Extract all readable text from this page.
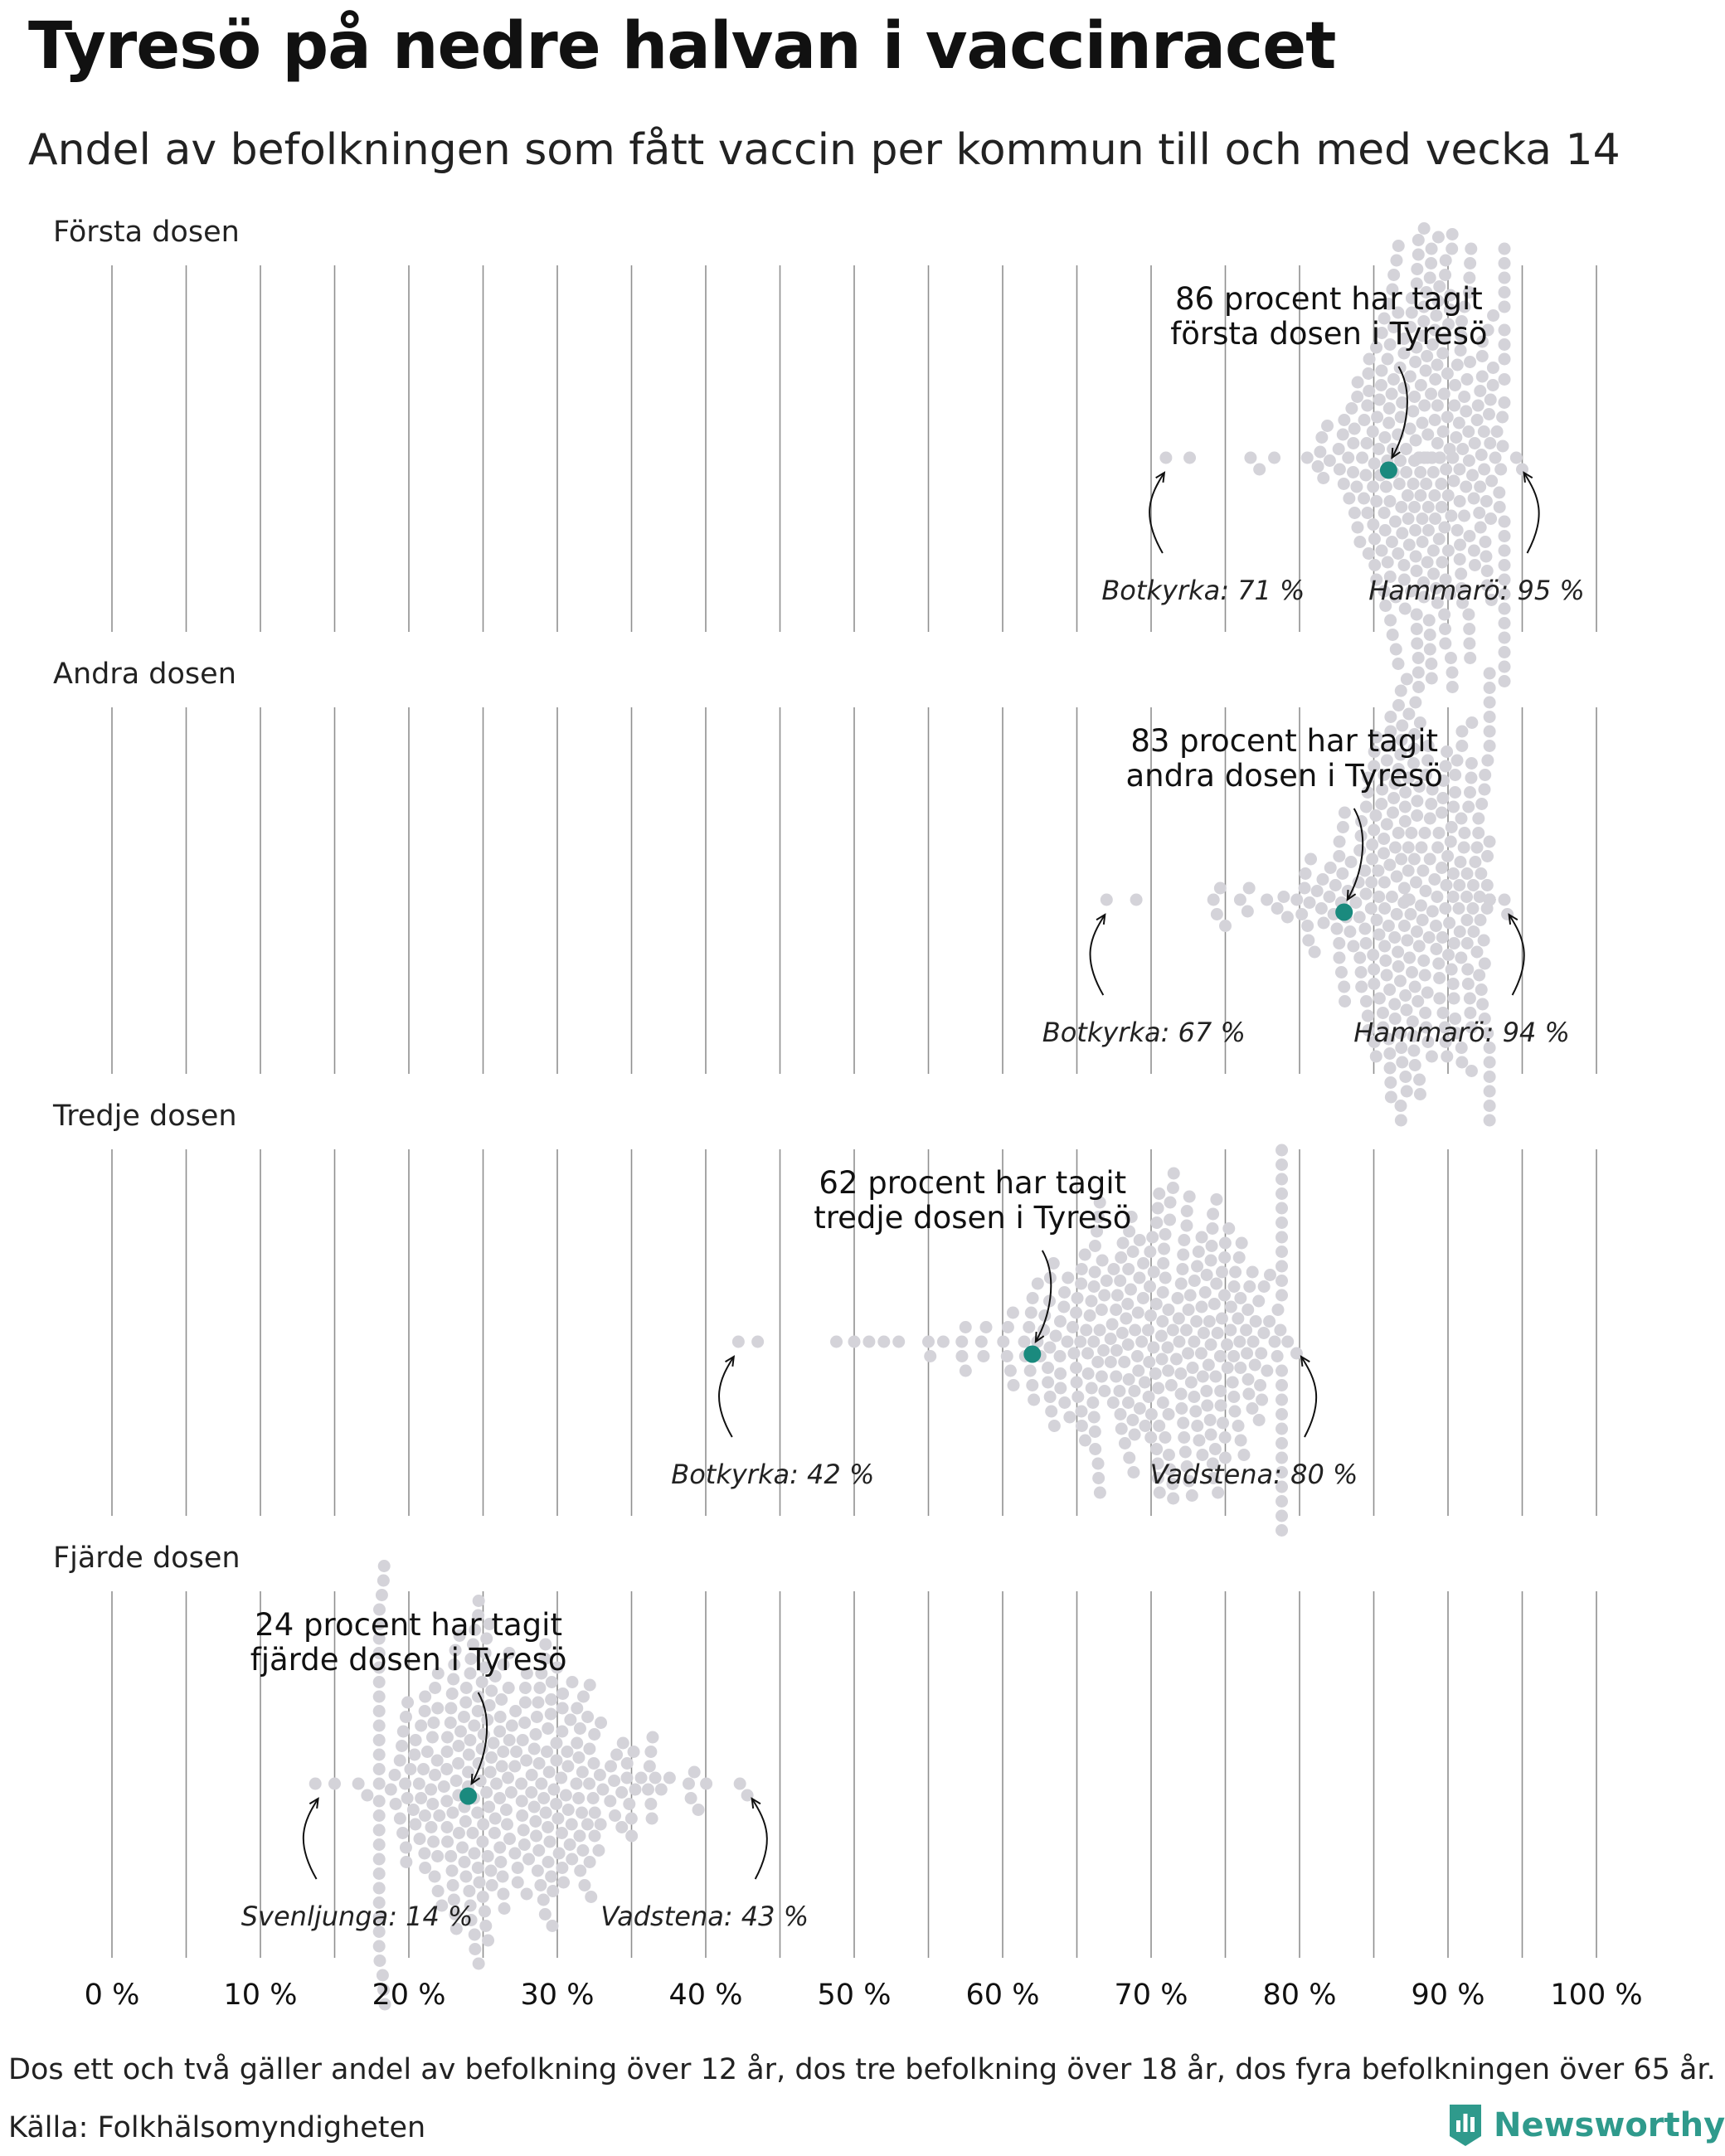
Tyresö på nedre halvan i vaccinracet
Andel av befolkningen som fått vaccin per kommun till och med vecka 14
Första dosen
86 procent har tagit
första dosen i Tyresö
Botkyrka: 71 % Hammarö: 95 %
Andra dosen
83 procent har tagit
andra dosen i Tyresö
Botkyrka: 67 %	Hammarö: 94 %
Tredje dosen
62 procent har tagit
tredje dosen i Tyresö
Botkyrka: 42 %	Vadstena: 80 %
Fjärde dosen
24 procent har tagit
fjärde dosen i Tyresö
Svenljunga: 14 %	Vadstena: 43 %
0 %	10 %	20 %	30 %	40 %	50 %	60 %	70 %	80 %	90 % 100 %
Dos ett och två gäller andel av befolkning över 12 år, dos tre befolkning över 18 år, dos fyra befolkningen över 65 år.
Källa: Folkhälsomyndigheten	Newsworthy
